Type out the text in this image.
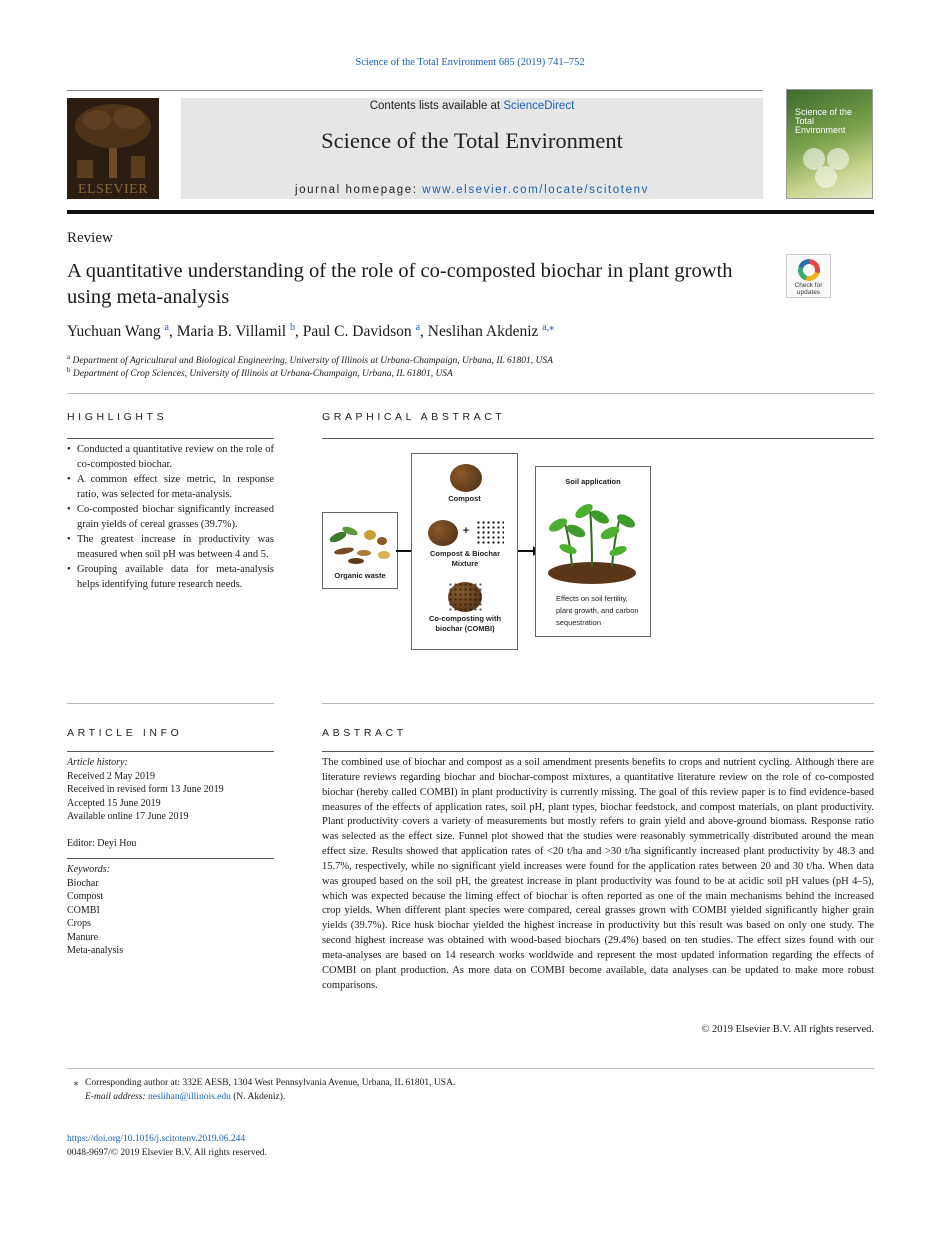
Science of the Total Environment 685 (2019) 741–752
ELSEVIER
Contents lists available at ScienceDirect
Science of the Total Environment
journal homepage: www.elsevier.com/locate/scitotenv
Science of the Total Environment
Review
A quantitative understanding of the role of co-composted biochar in plant growth using meta-analysis
Check for updates
Yuchuan Wang $^a$, Maria B. Villamil $^b$, Paul C. Davidson $^a$, Neslihan Akdeniz $^{a,⁎}$
$^a$ Department of Agricultural and Biological Engineering, University of Illinois at Urbana-Champaign, Urbana, IL 61801, USA
$^b$ Department of Crop Sciences, University of Illinois at Urbana-Champaign, Urbana, IL 61801, USA
HIGHLIGHTS
• Conducted a quantitative review on the role of co-composted biochar.
• A common effect size metric, ln response ratio, was selected for meta-analysis.
• Co-composted biochar significantly increased grain yields of cereal grasses (39.7%).
• The greatest increase in productivity was measured when soil pH was between 4 and 5.
• Grouping available data for meta-analysis helps identifying future research needs.
GRAPHICAL ABSTRACT
Organic waste
Compost
+
Compost & Biochar Mixture
Co-composting with biochar (COMBI)
Soil application
Effects on soil fertility, plant growth, and carbon sequestration
ARTICLE INFO
Article history:
Received 2 May 2019
Received in revised form 13 June 2019
Accepted 15 June 2019
Available online 17 June 2019
Editor: Deyi Hou
Keywords:
Biochar
Compost
COMBI
Crops
Manure
Meta-analysis
ABSTRACT
The combined use of biochar and compost as a soil amendment presents benefits to crops and nutrient cycling. Although there are literature reviews regarding biochar and biochar-compost mixtures, a quantitative literature review on the role of co-composted biochar (hereby called COMBI) in plant productivity is currently missing. The goal of this review paper is to find evidence-based measures of the effects of application rates, soil pH, plant types, biochar feedstock, and compost materials, on plant productivity. Plant productivity covers a variety of measurements but mostly refers to grain yield and above-ground biomass. Response ratio was selected as the effect size. Funnel plot showed that the studies were reasonably symmetrically distributed around the mean effect size. Results showed that application rates of <20 t/ha and >30 t/ha significantly increased plant productivity by 48.3 and 15.7%, respectively, while no significant yield increases were found for the application rates between 20 and 30 t/ha. When data was grouped based on the soil pH, the greatest increase in plant productivity was found to be at acidic soil pH values (pH 4–5), which was expected because the liming effect of biochar is often reported as one of the main mechanisms behind the increased crop yields. When different plant species were compared, cereal grasses grown with COMBI yielded significantly higher grain yields (39.7%). Rice husk biochar yielded the highest increase in productivity but this result was based on only one study. The second highest increase was obtained with wood-based biochars (29.4%) based on ten studies. The effect sizes found with our meta-analyses are based on 14 research works worldwide and represent the most updated information regarding the effects of COMBI on plant production. As more data on COMBI become available, data analyses can be updated to make more robust comparisons.
© 2019 Elsevier B.V. All rights reserved.
⁎ Corresponding author at: 332E AESB, 1304 West Pennsylvania Avenue, Urbana, IL 61801, USA.
E-mail address: neslihan@illinois.edu (N. Akdeniz).
https://doi.org/10.1016/j.scitotenv.2019.06.244
0048-9697/© 2019 Elsevier B.V. All rights reserved.
